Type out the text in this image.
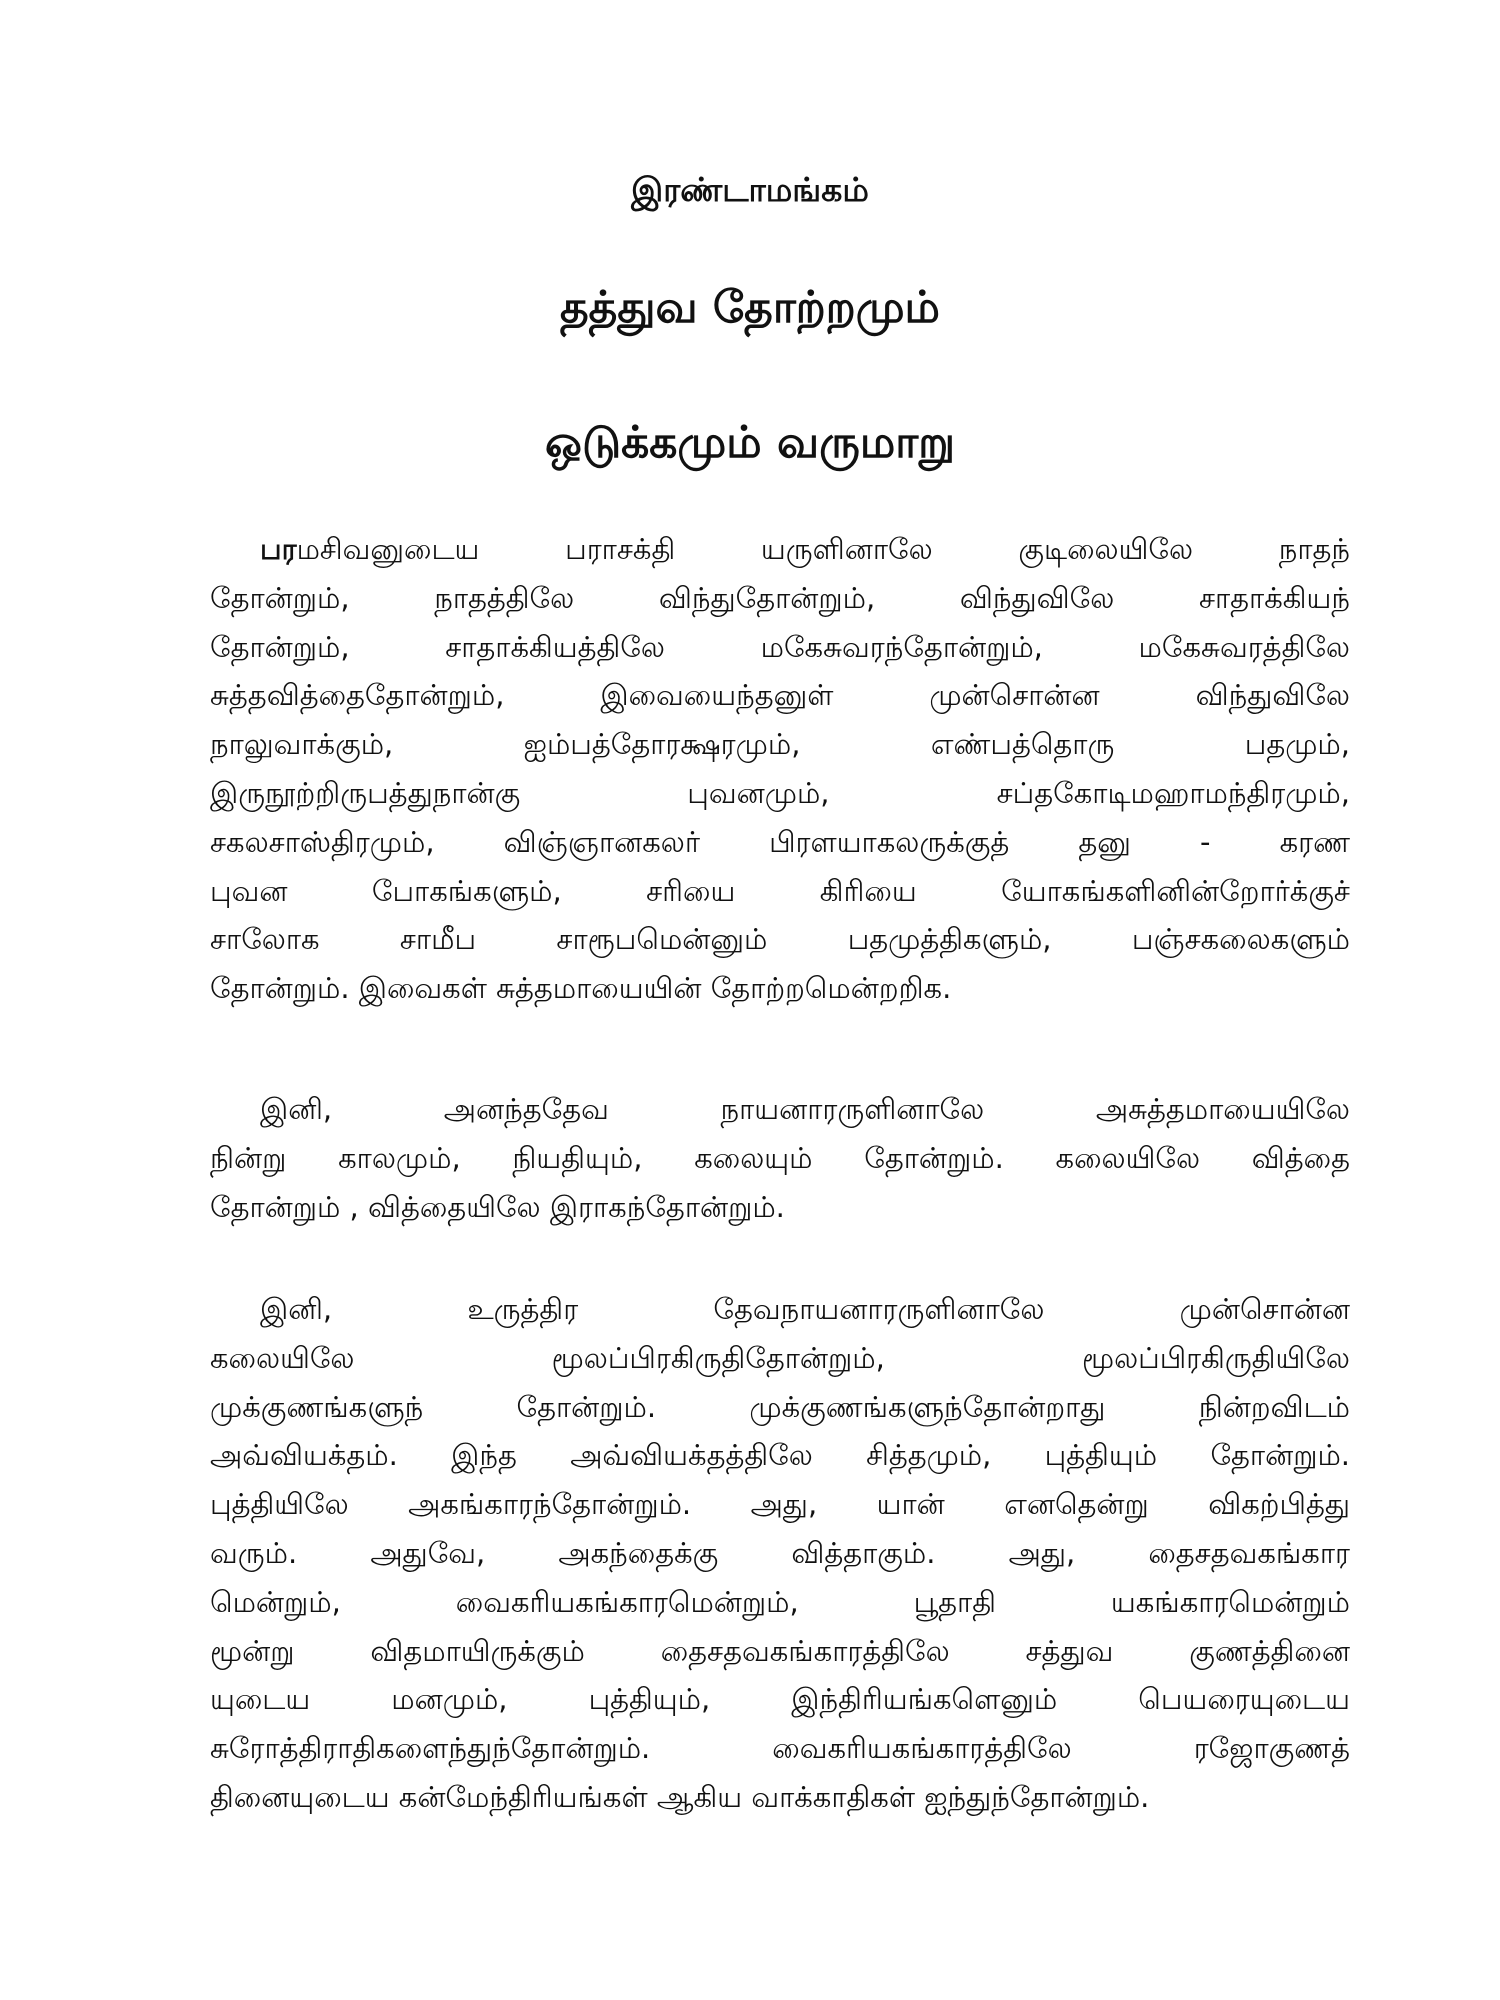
இரண்டாமங்கம்
தத்துவ தோற்றமும்
ஒடுக்கமும் வருமாறு
பரமசிவனுடைய பராசக்தி யருளினாலே குடிலையிலே நாதந்
தோன்றும், நாதத்திலே விந்துதோன்றும், விந்துவிலே சாதாக்கியந்
தோன்றும், சாதாக்கியத்திலே மகேசுவரந்தோன்றும், மகேசுவரத்திலே
சுத்தவித்தைதோன்றும், இவையைந்தனுள் முன்சொன்ன விந்துவிலே
நாலுவாக்கும், ஐம்பத்தோரக்ஷரமும், எண்பத்தொரு பதமும்,
இருநூற்றிருபத்துநான்கு புவனமும், சப்தகோடிமஹாமந்திரமும்,
சகலசாஸ்திரமும், விஞ்ஞானகலர் பிரளயாகலருக்குத் தனு - கரண
புவன போகங்களும், சரியை கிரியை யோகங்களினின்றோர்க்குச்
சாலோக சாமீப சாரூபமென்னும் பதமுத்திகளும், பஞ்சகலைகளும்
தோன்றும். இவைகள் சுத்தமாயையின் தோற்றமென்றறிக.
இனி, அனந்ததேவ நாயனாரருளினாலே அசுத்தமாயையிலே
நின்று காலமும், நியதியும், கலையும் தோன்றும். கலையிலே வித்தை
தோன்றும் , வித்தையிலே இராகந்தோன்றும்.
இனி, உருத்திர தேவநாயனாரருளினாலே முன்சொன்ன
கலையிலே மூலப்பிரகிருதிதோன்றும், மூலப்பிரகிருதியிலே
முக்குணங்களுந் தோன்றும். முக்குணங்களுந்தோன்றாது நின்றவிடம்
அவ்வியக்தம். இந்த அவ்வியக்தத்திலே சித்தமும், புத்தியும் தோன்றும்.
புத்தியிலே அகங்காரந்தோன்றும். அது, யான் எனதென்று விகற்பித்து
வரும். அதுவே, அகந்தைக்கு வித்தாகும். அது, தைசதவகங்கார
மென்றும், வைகரியகங்காரமென்றும், பூதாதி யகங்காரமென்றும்
மூன்று விதமாயிருக்கும் தைசதவகங்காரத்திலே சத்துவ குணத்தினை
யுடைய மனமும், புத்தியும், இந்திரியங்களெனும் பெயரையுடைய
சுரோத்திராதிகளைந்துந்தோன்றும். வைகரியகங்காரத்திலே ரஜோகுணத்
தினையுடைய கன்மேந்திரியங்கள் ஆகிய வாக்காதிகள் ஐந்துந்தோன்றும்.
